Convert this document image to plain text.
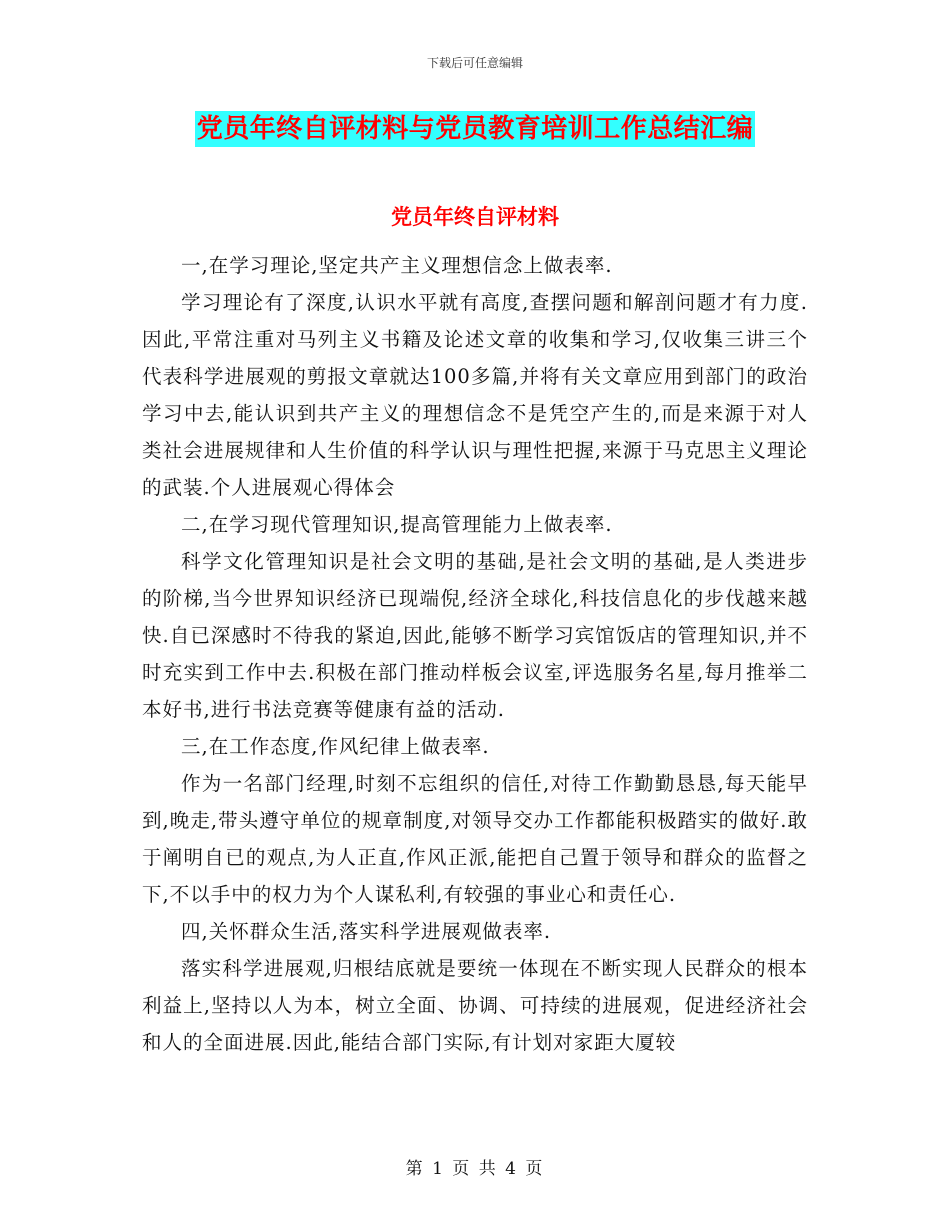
下载后可任意编辑
党员年终自评材料与党员教育培训工作总结汇编
党员年终自评材料

一,在学习理论,坚定共产主义理想信念上做表率.

学习理论有了深度,认识水平就有高度,查摆问题和解剖问题才有力度.因此,平常注重对马列主义书籍及论述文章的收集和学习,仅收集三讲三个代表科学进展观的剪报文章就达100多篇,并将有关文章应用到部门的政治学习中去,能认识到共产主义的理想信念不是凭空产生的,而是来源于对人类社会进展规律和人生价值的科学认识与理性把握,来源于马克思主义理论的武装.个人进展观心得体会

二,在学习现代管理知识,提高管理能力上做表率.

科学文化管理知识是社会文明的基础,是社会文明的基础,是人类进步的阶梯,当今世界知识经济已现端倪,经济全球化,科技信息化的步伐越来越快.自已深感时不待我的紧迫,因此,能够不断学习宾馆饭店的管理知识,并不时充实到工作中去.积极在部门推动样板会议室,评选服务名星,每月推举二本好书,进行书法竞赛等健康有益的活动.

三,在工作态度,作风纪律上做表率.

作为一名部门经理,时刻不忘组织的信任,对待工作勤勤恳恳,每天能早到,晚走,带头遵守单位的规章制度,对领导交办工作都能积极踏实的做好.敢于阐明自已的观点,为人正直,作风正派,能把自己置于领导和群众的监督之下,不以手中的权力为个人谋私利,有较强的事业心和责任心.

四,关怀群众生活,落实科学进展观做表率.

落实科学进展观,归根结底就是要统一体现在不断实现人民群众的根本利益上,坚持以人为本，树立全面、协调、可持续的进展观，促进经济社会和人的全面进展.因此,能结合部门实际,有计划对家距大厦较

第 1 页 共 4 页
